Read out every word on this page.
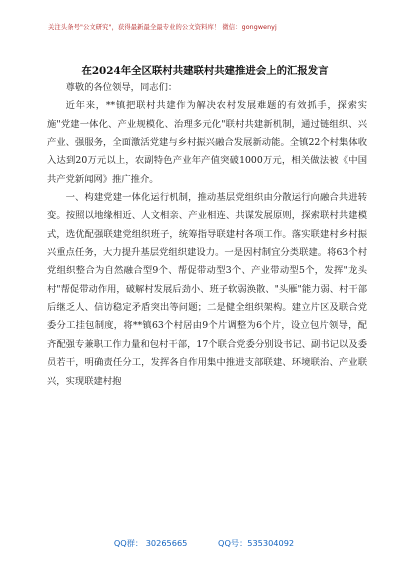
关注头条号"公文研究"，获得最新最全最专业的公文资料库！ 微信：gongwenyj
在2024年全区联村共建联村共建推进会上的汇报发言

尊敬的各位领导，同志们：

近年来，**镇把联村共建作为解决农村发展难题的有效抓手，探索实施"党建一体化、产业规模化、治理多元化"联村共建新机制，通过链组织、兴产业、强服务，全面激活党建与乡村振兴融合发展新动能。全镇22个村集体收入达到20万元以上，农副特色产业年产值突破1000万元，相关做法被《中国共产党新闻网》推广推介。

一、构建党建一体化运行机制，推动基层党组织由分散运行向融合共进转变。按照以地缘相近、人文相亲、产业相连、共谋发展原则，探索联村共建模式，选优配强联建党组织班子，统筹指导联建村各项工作。落实联建村乡村振兴重点任务，大力提升基层党组织建设力。一是因村制宜分类联建。将63个村党组织整合为自然融合型9个、帮促带动型3个、产业带动型5个，发挥"龙头村"帮促带动作用，破解村发展后劲小、班子软弱涣散、"头雁"能力弱、村干部后继乏人、信访稳定矛盾突出等问题；二是健全组织架构。建立片区及联合党委分工挂包制度，将**镇63个村居由9个片调整为6个片，设立包片领导，配齐配强专兼职工作力量和包村干部，17个联合党委分别设书记、副书记以及委员若干，明确责任分工，发挥各自作用集中推进支部联建、环境联治、产业联兴，实现联建村抱

QQ群： 30265665	QQ号：535304092
